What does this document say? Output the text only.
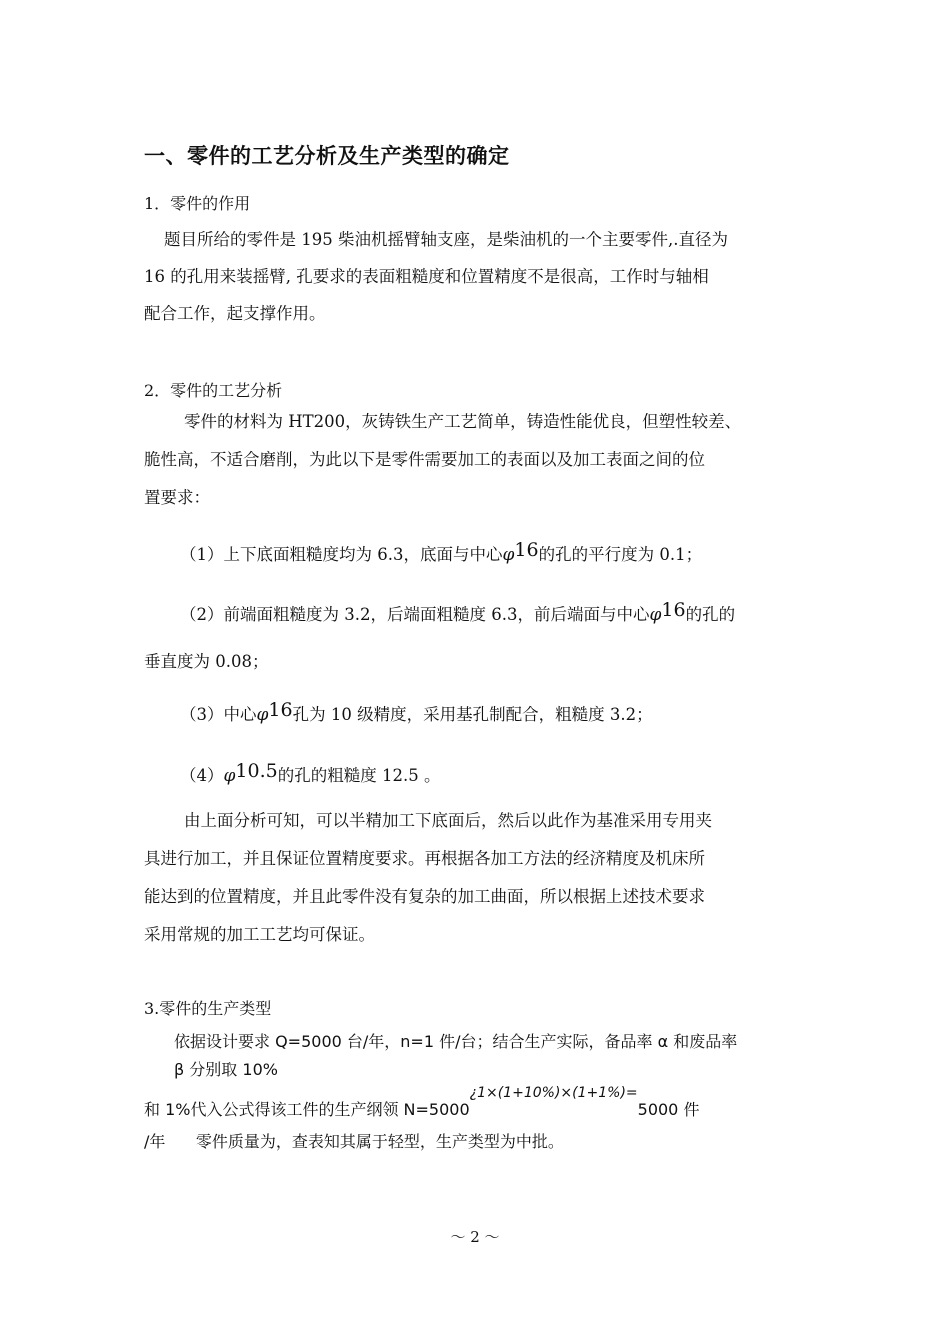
一、零件的工艺分析及生产类型的确定
1．零件的作用
题目所给的零件是 195 柴油机摇臂轴支座，是柴油机的一个主要零件,.直径为
16 的孔用来装摇臂, 孔要求的表面粗糙度和位置精度不是很高，工作时与轴相
配合工作，起支撑作用。
2．零件的工艺分析
零件的材料为 HT200，灰铸铁生产工艺简单，铸造性能优良，但塑性较差、
脆性高，不适合磨削，为此以下是零件需要加工的表面以及加工表面之间的位
置要求：
（1）上下底面粗糙度均为 6.3，底面与中心φ16的孔的平行度为 0.1；
（2）前端面粗糙度为 3.2，后端面粗糙度 6.3，前后端面与中心φ16的孔的
垂直度为 0.08；
（3）中心φ16孔为 10 级精度，采用基孔制配合，粗糙度 3.2；
（4）φ10.5的孔的粗糙度 12.5 。
由上面分析可知，可以半精加工下底面后，然后以此作为基准采用专用夹
具进行加工，并且保证位置精度要求。再根据各加工方法的经济精度及机床所
能达到的位置精度，并且此零件没有复杂的加工曲面，所以根据上述技术要求
采用常规的加工工艺均可保证。
3.零件的生产类型
依据设计要求 Q=5000 台/年，n=1 件/台；结合生产实际，备品率 α 和废品率
β 分别取 10%
和 1%代入公式得该工件的生产纲领 N=5000¿1×(1+10%)×(1+1%)=5000 件
/年      零件质量为，查表知其属于轻型，生产类型为中批。
～ 2 ～
